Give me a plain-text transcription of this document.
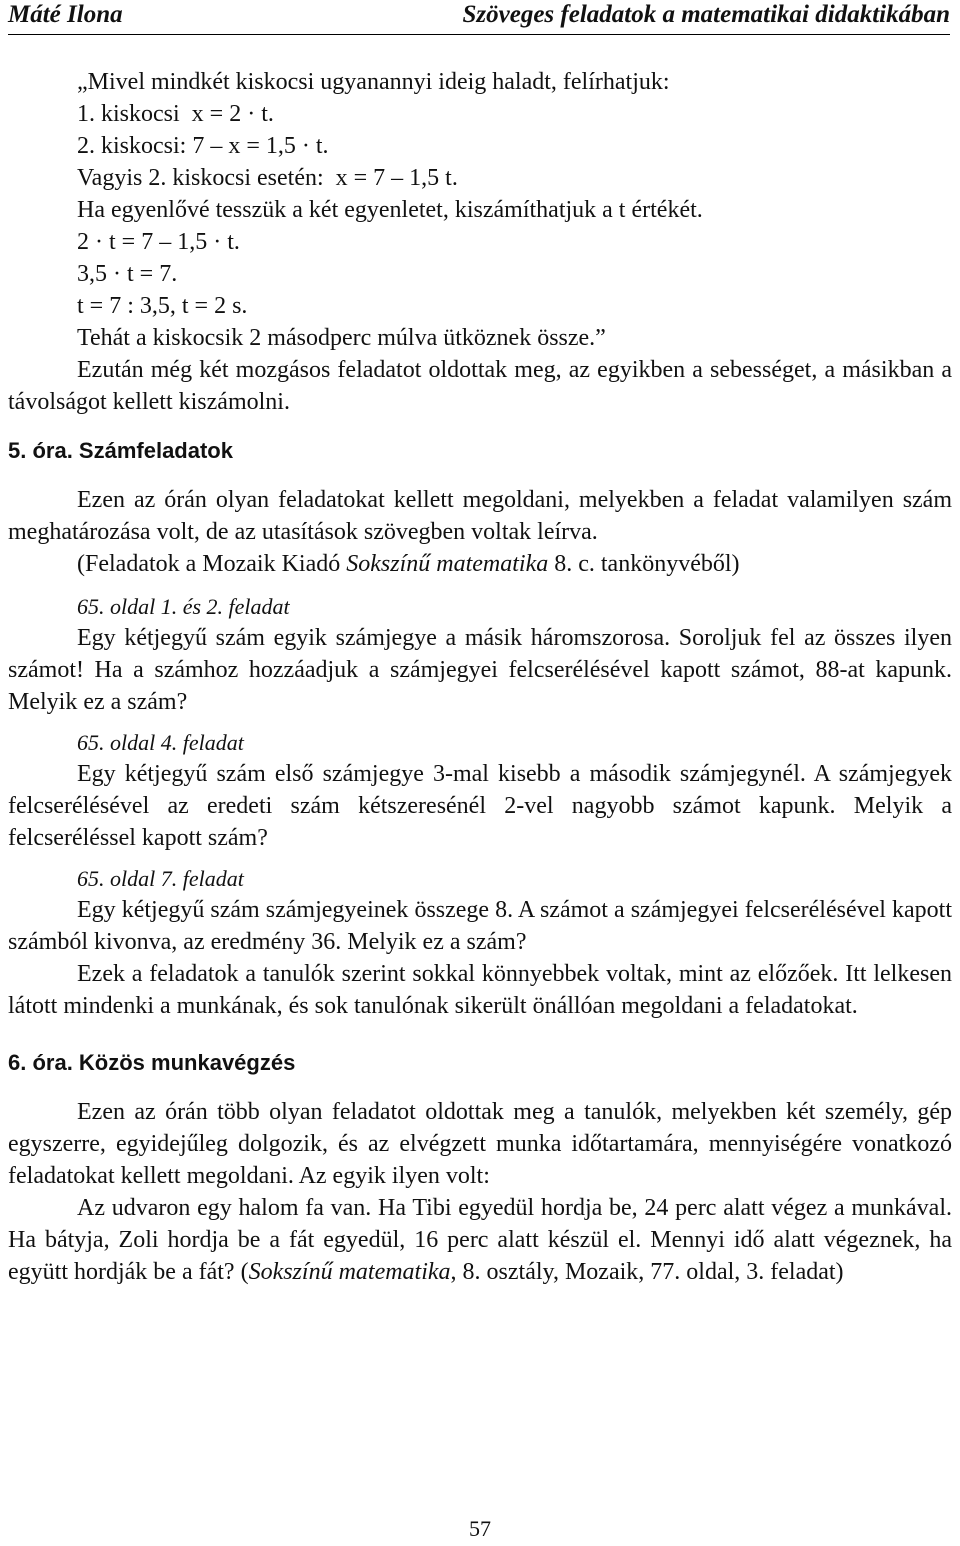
Máté Ilona	Szöveges feladatok a matematikai didaktikában
„Mivel mindkét kiskocsi ugyanannyi ideig haladt, felírhatjuk:
1. kiskocsi  x = 2 · t.
2. kiskocsi: 7 – x = 1,5 · t.
Vagyis 2. kiskocsi esetén:  x = 7 – 1,5 t.
Ha egyenlővé tesszük a két egyenletet, kiszámíthatjuk a t értékét.
2 · t = 7 – 1,5 · t.
3,5 · t = 7.
t = 7 : 3,5, t = 2 s.
Tehát a kiskocsik 2 másodperc múlva ütköznek össze.”

Ezután még két mozgásos feladatot oldottak meg, az egyikben a sebességet, a másikban a távolságot kellett kiszámolni.

5. óra. Számfeladatok

Ezen az órán olyan feladatokat kellett megoldani, melyekben a feladat valamilyen szám meghatározása volt, de az utasítások szövegben voltak leírva.

(Feladatok a Mozaik Kiadó Sokszínű matematika 8. c. tankönyvéből)

65. oldal 1. és 2. feladat

Egy kétjegyű szám egyik számjegye a másik háromszorosa. Soroljuk fel az összes ilyen számot! Ha a számhoz hozzáadjuk a számjegyei felcserélésével kapott számot, 88-at kapunk. Melyik ez a szám?

65. oldal 4. feladat

Egy kétjegyű szám első számjegye 3-mal kisebb a második számjegynél. A számjegyek felcserélésével az eredeti szám kétszeresénél 2-vel nagyobb számot kapunk. Melyik a felcseréléssel kapott szám?

65. oldal 7. feladat

Egy kétjegyű szám számjegyeinek összege 8. A számot a számjegyei felcserélésével kapott számból kivonva, az eredmény 36. Melyik ez a szám?

Ezek a feladatok a tanulók szerint sokkal könnyebbek voltak, mint az előzőek. Itt lelkesen látott mindenki a munkának, és sok tanulónak sikerült önállóan megoldani a feladatokat.

6. óra. Közös munkavégzés

Ezen az órán több olyan feladatot oldottak meg a tanulók, melyekben két személy, gép egyszerre, egyidejűleg dolgozik, és az elvégzett munka időtartamára, mennyiségére vonatkozó feladatokat kellett megoldani. Az egyik ilyen volt:

Az udvaron egy halom fa van. Ha Tibi egyedül hordja be, 24 perc alatt végez a munkával. Ha bátyja, Zoli hordja be a fát egyedül, 16 perc alatt készül el. Mennyi idő alatt végeznek, ha együtt hordják be a fát? (Sokszínű matematika, 8. osztály, Mozaik, 77. oldal, 3. feladat)

57
